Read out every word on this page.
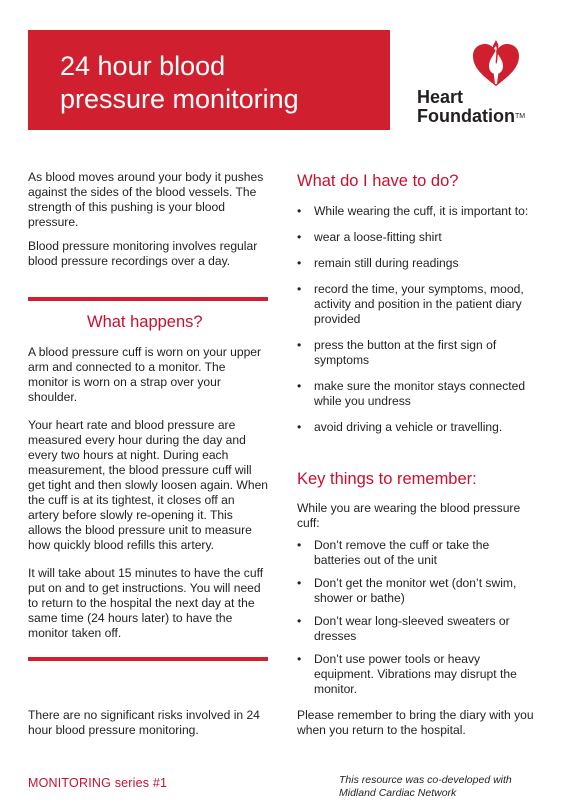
24 hour blood
pressure monitoring	Heart
Foundation™

As blood moves around your body it pushes against the sides of the blood vessels. The strength of this pushing is your blood pressure.

Blood pressure monitoring involves regular blood pressure recordings over a day.

What happens?

A blood pressure cuff is worn on your upper arm and connected to a monitor. The monitor is worn on a strap over your shoulder.

Your heart rate and blood pressure are measured every hour during the day and every two hours at night. During each measurement, the blood pressure cuff will get tight and then slowly loosen again. When the cuff is at its tightest, it closes off an artery before slowly re-opening it. This allows the blood pressure unit to measure how quickly blood refills this artery.

It will take about 15 minutes to have the cuff put on and to get instructions. You will need to return to the hospital the next day at the same time (24 hours later) to have the monitor taken off.

There are no significant risks involved in 24 hour blood pressure monitoring.
What do I have to do?
• While wearing the cuff, it is important to:
• wear a loose-fitting shirt
• remain still during readings
• record the time, your symptoms, mood, activity and position in the patient diary provided
• press the button at the first sign of symptoms
• make sure the monitor stays connected while you undress
• avoid driving a vehicle or travelling.
Key things to remember:
While you are wearing the blood pressure cuff:
• Don’t remove the cuff or take the batteries out of the unit
• Don’t get the monitor wet (don’t swim, shower or bathe)
• Don’t wear long-sleeved sweaters or dresses
• Don’t use power tools or heavy equipment. Vibrations may disrupt the monitor.
Please remember to bring the diary with you when you return to the hospital.
MONITORING series #1	This resource was co-developed with
Midland Cardiac Network
